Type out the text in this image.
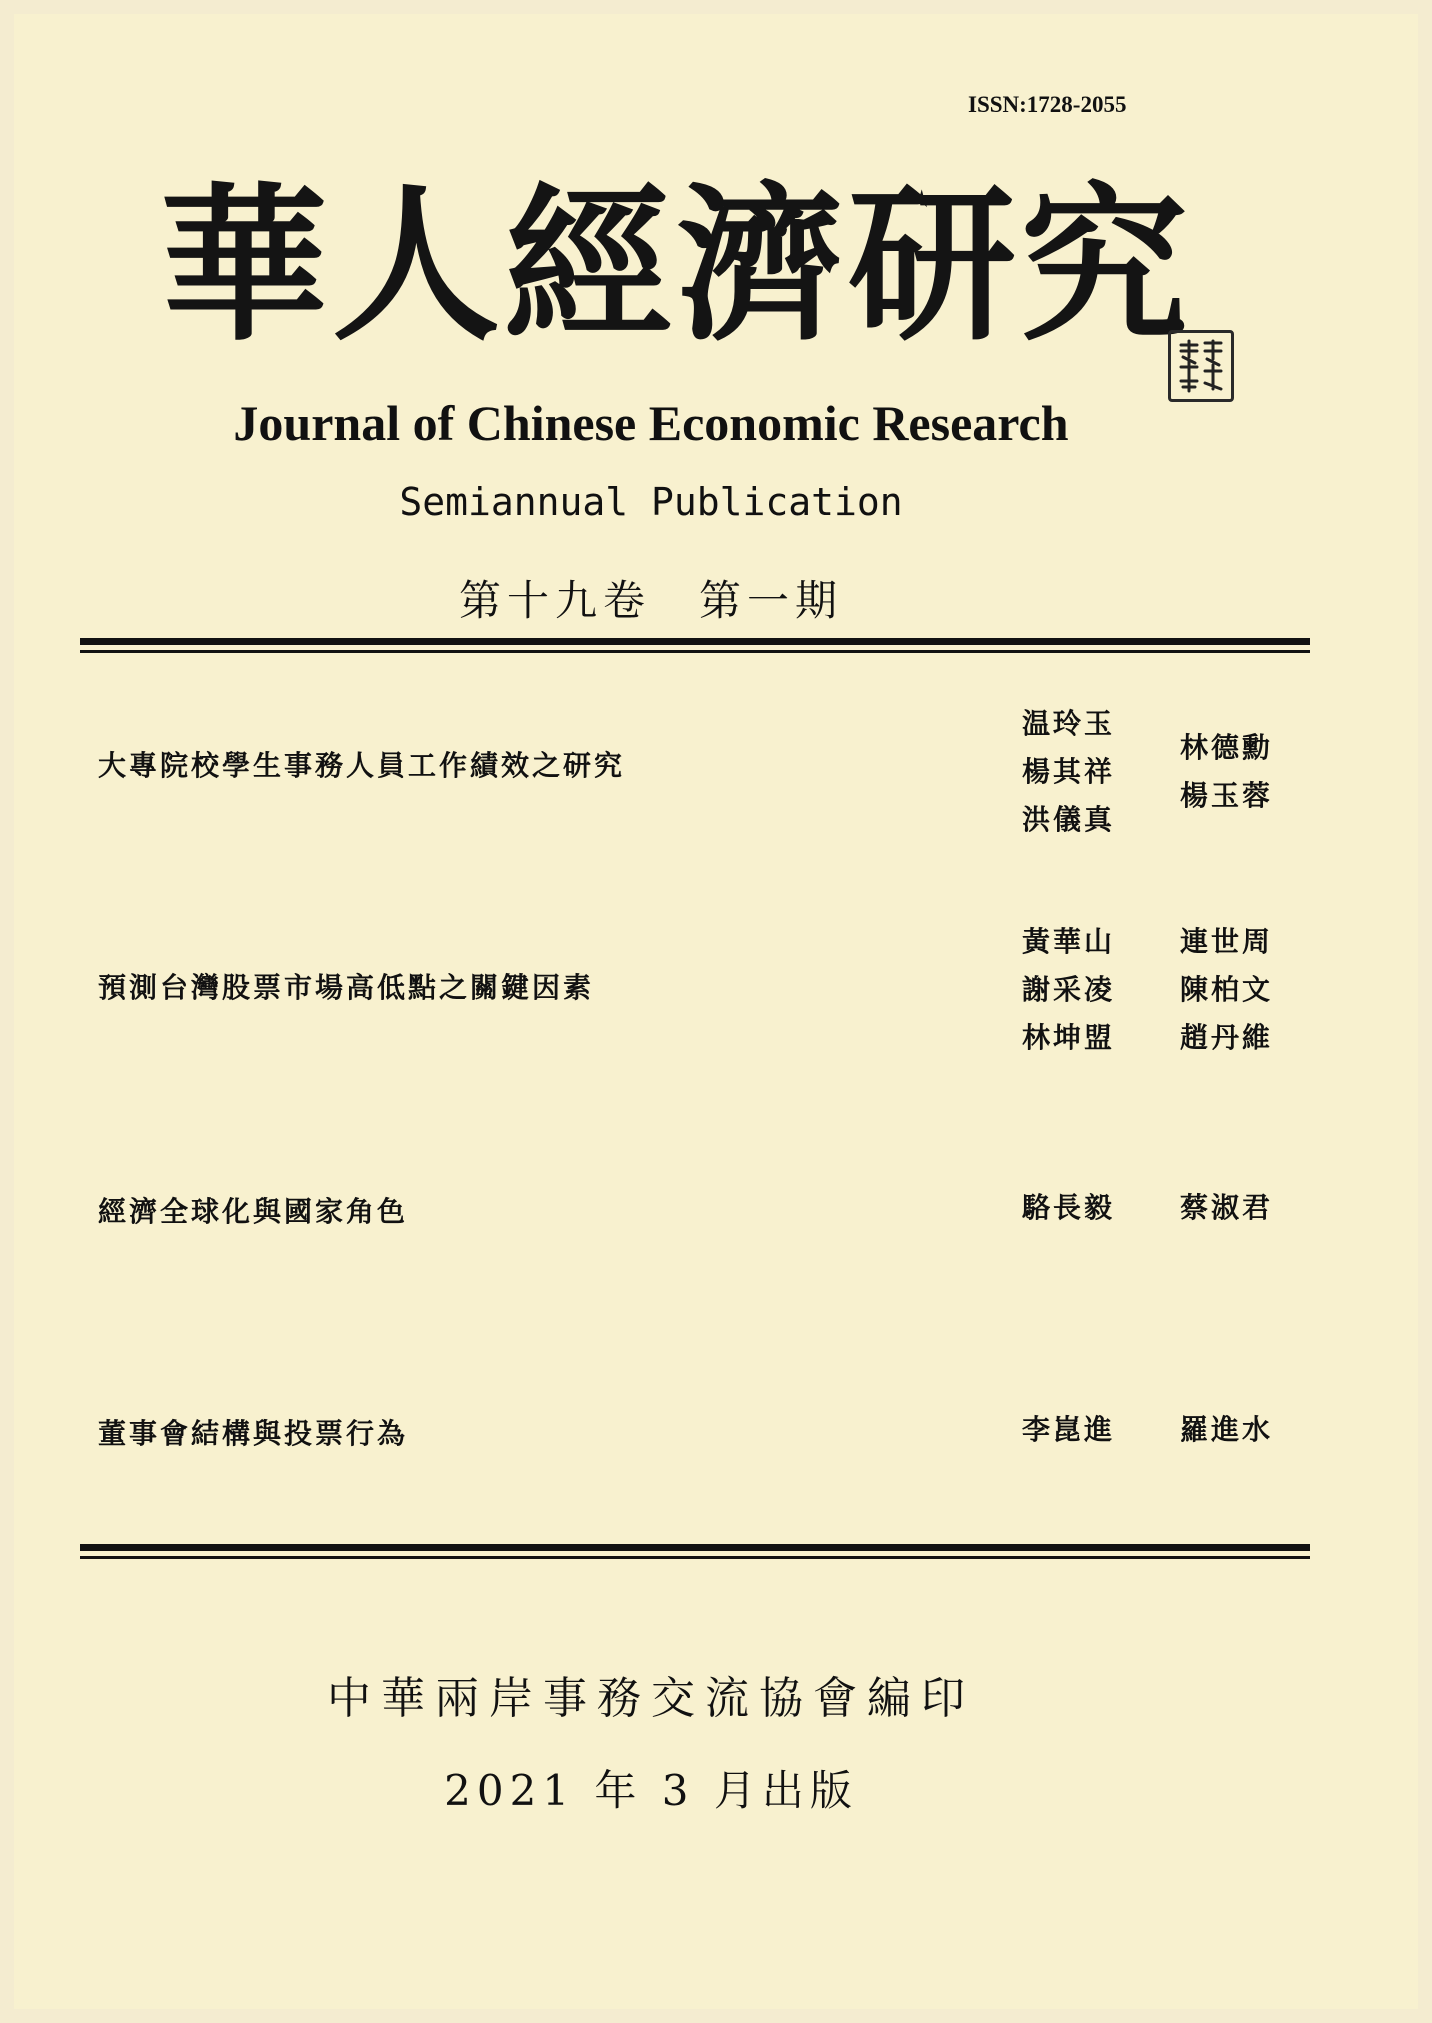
ISSN:1728-2055
華人經濟研究
Journal of Chinese Economic Research
Semiannual Publication
第十九卷　第一期
大專院校學生事務人員工作績效之研究
温玲玉
楊其祥
洪儀真
林德勳
楊玉蓉
預測台灣股票市場高低點之關鍵因素
黃華山
謝采凌
林坤盟
連世周
陳柏文
趙丹維
經濟全球化與國家角色	駱長毅 蔡淑君
董事會結構與投票行為	李崑進 羅進水
中華兩岸事務交流協會編印
2021 年 3 月出版
